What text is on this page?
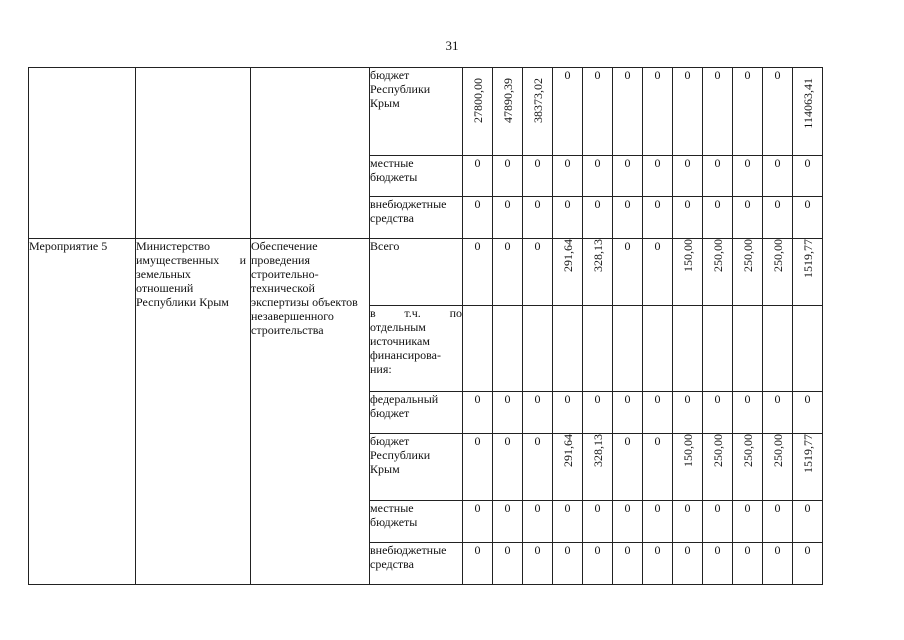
31
			бюджет Республики Крым	27800,00	47890,39	38373,02	0	0	0	0	0	0	0	0	114063,41
			местные бюджеты	0	0	0	0	0	0	0	0	0	0	0	0
			внебюджетные средства	0	0	0	0	0	0	0	0	0	0	0	0
Мероприятие 5	Министерство имущественных и земельных отношений Республики Крым	Обеспечение проведения строительно-технической экспертизы объектов незавершенного строительства	Всего	0	0	0	291,64	328,13	0	0	150,00	250,00	250,00	250,00	1519,77
			в т.ч. по отдельным источникам финансирова-ния:												
			федеральный бюджет	0	0	0	0	0	0	0	0	0	0	0	0
			бюджет Республики Крым	0	0	0	291,64	328,13	0	0	150,00	250,00	250,00	250,00	1519,77
			местные бюджеты	0	0	0	0	0	0	0	0	0	0	0	0
			внебюджетные средства	0	0	0	0	0	0	0	0	0	0	0	0
